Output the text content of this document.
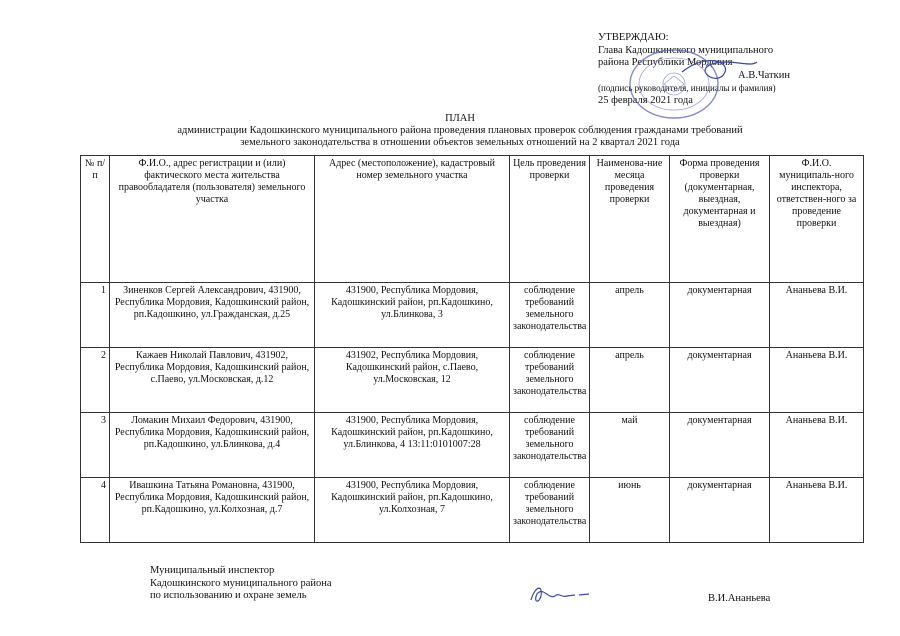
УТВЕРЖДАЮ:
Глава Кадошкинского муниципального
района Республики Мордовия
А.В.Чаткин
(подпись руководителя, инициалы и фамилия)
25 февраля 2021 года
ПЛАН
администрации Кадошкинского муниципального района проведения плановых проверок соблюдения гражданами требований
земельного законодательства в отношении объектов земельных отношений на 2 квартал 2021 года
№ п/п	Ф.И.О., адрес регистрации и (или) фактического места жительства правообладателя (пользователя) земельного участка	Адрес (местоположение), кадастровый номер земельного участка	Цель проведения проверки	Наименова-ние месяца проведения проверки	Форма проведения проверки (документарная, выездная, документарная и выездная)	Ф.И.О. муниципаль-ного инспектора, ответствен-ного за проведение проверки
1	Зиненков Сергей Александрович, 431900, Республика Мордовия, Кадошкинский район, рп.Кадошкино, ул.Гражданская, д.25	431900, Республика Мордовия, Кадошкинский район, рп.Кадошкино, ул.Блинкова, 3	соблюдение требований земельного законодательства	апрель	документарная	Ананьева В.И.
2	Кажаев Николай Павлович, 431902, Республика Мордовия, Кадошкинский район, с.Паево, ул.Московская, д.12	431902, Республика Мордовия, Кадошкинский район, с.Паево, ул.Московская, 12	соблюдение требований земельного законодательства	апрель	документарная	Ананьева В.И.
3	Ломакин Михаил Федорович, 431900, Республика Мордовия, Кадошкинский район, рп.Кадошкино, ул.Блинкова, д.4	431900, Республика Мордовия, Кадошкинский район, рп.Кадошкино, ул.Блинкова, 4 13:11:0101007:28	соблюдение требований земельного законодательства	май	документарная	Ананьева В.И.
4	Ивашкина Татьяна Романовна, 431900, Республика Мордовия, Кадошкинский район, рп.Кадошкино, ул.Колхозная, д.7	431900, Республика Мордовия, Кадошкинский район, рп.Кадошкино, ул.Колхозная, 7	соблюдение требований земельного законодательства	июнь	документарная	Ананьева В.И.
Муниципальный инспектор
Кадошкинского муниципального района
по использованию и охране земель	В.И.Ананьева
